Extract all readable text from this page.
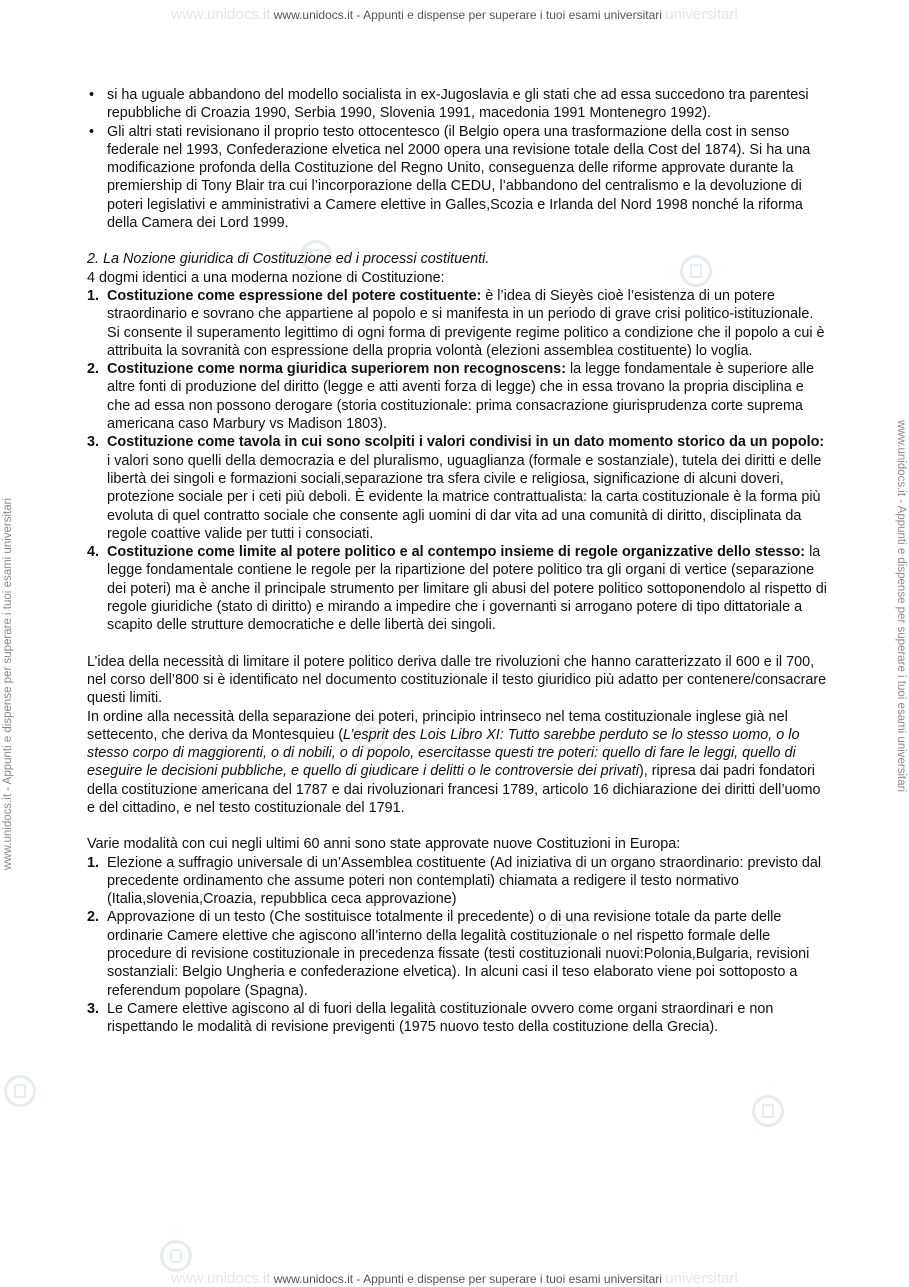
www.unidocs.it www.unidocs.it - Appunti e dispense per superare i tuoi esami universitari universitari
www.unidocs.it - Appunti e dispense per superare i tuoi esami universitari	www.unidocs.it - Appunti e dispense per superare i tuoi esami universitari
• si ha uguale abbandono del modello socialista in ex-Jugoslavia e gli stati che ad essa succedono tra parentesi repubbliche di Croazia 1990, Serbia 1990, Slovenia 1991, macedonia 1991 Montenegro 1992).
• Gli altri stati revisionano il proprio testo ottocentesco (il Belgio opera una trasformazione della cost in senso federale nel 1993, Confederazione elvetica nel 2000 opera una revisione totale della Cost del 1874). Si ha una modificazione profonda della Costituzione del Regno Unito, conseguenza delle riforme approvate durante la premiership di Tony Blair tra cui l’incorporazione della CEDU, l’abbandono del centralismo e la devoluzione di poteri legislativi e amministrativi a Camere elettive in Galles,Scozia e Irlanda del Nord 1998 nonché la riforma della Camera dei Lord 1999.

2. La Nozione giuridica di Costituzione ed i processi costituenti.

4 dogmi identici a una moderna nozione di Costituzione:

1. Costituzione come espressione del potere costituente: è l’idea di Sieyès cioè l’esistenza di un potere straordinario e sovrano che appartiene al popolo e si manifesta in un periodo di grave crisi politico-istituzionale. Si consente il superamento legittimo di ogni forma di previgente regime politico a condizione che il popolo a cui è attribuita la sovranità con espressione della propria volontà (elezioni assemblea costituente) lo voglia.
2. Costituzione come norma giuridica superiorem non recognoscens: la legge fondamentale è superiore alle altre fonti di produzione del diritto (legge e atti aventi forza di legge) che in essa trovano la propria disciplina e che ad essa non possono derogare (storia costituzionale: prima consacrazione giurisprudenza corte suprema americana caso Marbury vs Madison 1803).
3. Costituzione come tavola in cui sono scolpiti i valori condivisi in un dato momento storico da un popolo: i valori sono quelli della democrazia e del pluralismo, uguaglianza (formale e sostanziale), tutela dei diritti e delle libertà dei singoli e formazioni sociali,separazione tra sfera civile e religiosa, significazione di alcuni doveri, protezione sociale per i ceti più deboli. È evidente la matrice contrattualista: la carta costituzionale è la forma più evoluta di quel contratto sociale che consente agli uomini di dar vita ad una comunità di diritto, disciplinata da regole coattive valide per tutti i consociati.
4. Costituzione come limite al potere politico e al contempo insieme di regole organizzative dello stesso: la legge fondamentale contiene le regole per la ripartizione del potere politico tra gli organi di vertice (separazione dei poteri) ma è anche il principale strumento per limitare gli abusi del potere politico sottoponendolo al rispetto di regole giuridiche (stato di diritto) e mirando a impedire che i governanti si arrogano potere di tipo dittatoriale a scapito delle strutture democratiche e delle libertà dei singoli.

L’idea della necessità di limitare il potere politico deriva dalle tre rivoluzioni che hanno caratterizzato il 600 e il 700, nel corso dell’800 si è identificato nel documento costituzionale il testo giuridico più adatto per contenere/consacrare questi limiti.

In ordine alla necessità della separazione dei poteri, principio intrinseco nel tema costituzionale inglese già nel settecento, che deriva da Montesquieu (L’esprit des Lois Libro XI: Tutto sarebbe perduto se lo stesso uomo, o lo stesso corpo di maggiorenti, o di nobili, o di popolo, esercitasse questi tre poteri: quello di fare le leggi, quello di eseguire le decisioni pubbliche, e quello di giudicare i delitti o le controversie dei privati), ripresa dai padri fondatori della costituzione americana del 1787 e dai rivoluzionari francesi 1789, articolo 16 dichiarazione dei diritti dell’uomo e del cittadino, e nel testo costituzionale del 1791.

Varie modalità con cui negli ultimi 60 anni sono state approvate nuove Costituzioni in Europa:

1. Elezione a suffragio universale di un’Assemblea costituente (Ad iniziativa di un organo straordinario: previsto dal precedente ordinamento che assume poteri non contemplati) chiamata a redigere il testo normativo (Italia,slovenia,Croazia, repubblica ceca approvazione)
2. Approvazione di un testo (Che sostituisce totalmente il precedente) o di una revisione totale da parte delle ordinarie Camere elettive che agiscono all’interno della legalità costituzionale o nel rispetto formale delle procedure di revisione costituzionale in precedenza fissate (testi costituzionali nuovi:Polonia,Bulgaria, revisioni sostanziali: Belgio Ungheria e confederazione elvetica). In alcuni casi il teso elaborato viene poi sottoposto a referendum popolare (Spagna).
3. Le Camere elettive agiscono al di fuori della legalità costituzionale ovvero come organi straordinari e non rispettando le modalità di revisione previgenti (1975 nuovo testo della costituzione della Grecia).
www.unidocs.it www.unidocs.it - Appunti e dispense per superare i tuoi esami universitari universitari
